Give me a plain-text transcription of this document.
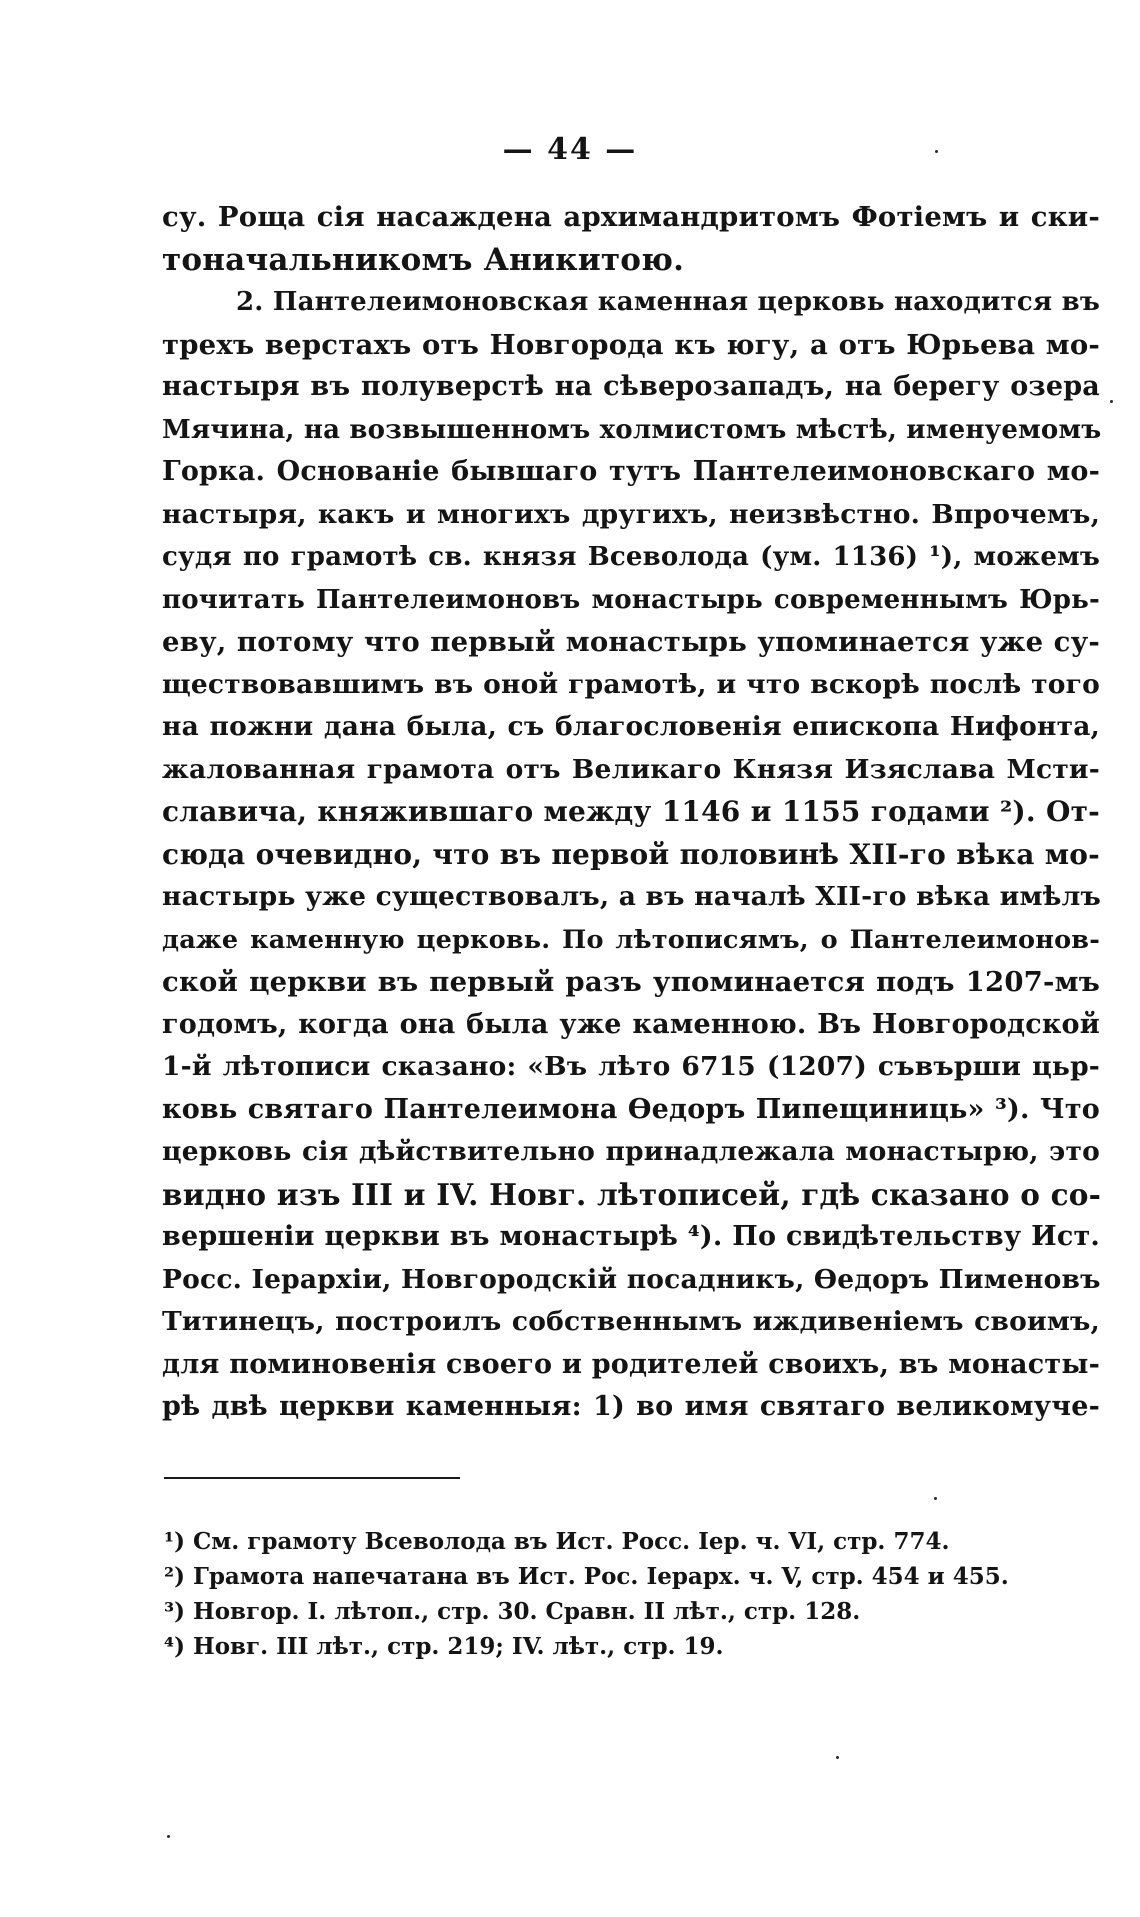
— 44 —
су. Роща сія насаждена архимандритомъ Фотіемъ и ски-
тоначальникомъ Аникитою.
2. Пантелеимоновская каменная церковь находится въ
трехъ верстахъ отъ Новгорода къ югу, а отъ Юрьева мо-
настыря въ полуверстѣ на сѣверозападъ, на берегу озера
Мячина, на возвышенномъ холмистомъ мѣстѣ, именуемомъ
Горка. Основаніе бывшаго тутъ Пантелеимоновскаго мо-
настыря, какъ и многихъ другихъ, неизвѣстно. Впрочемъ,
судя по грамотѣ св. князя Всеволода (ум. 1136) ¹), можемъ
почитать Пантелеимоновъ монастырь современнымъ Юрь-
еву, потому что первый монастырь упоминается уже су-
ществовавшимъ въ оной грамотѣ, и что вскорѣ послѣ того
на пожни дана была, съ благословенія епископа Нифонта,
жалованная грамота отъ Великаго Князя Изяслава Мсти-
славича, княжившаго между 1146 и 1155 годами ²). От-
сюда очевидно, что въ первой половинѣ XII-го вѣка мо-
настырь уже существовалъ, а въ началѣ XII-го вѣка имѣлъ
даже каменную церковь. По лѣтописямъ, о Пантелеимонов-
ской церкви въ первый разъ упоминается подъ 1207-мъ
годомъ, когда она была уже каменною. Въ Новгородской
1-й лѣтописи сказано: «Въ лѣто 6715 (1207) съвърши цьр-
ковь святаго Пантелеимона Ѳедоръ Пипещиниць» ³). Что
церковь сія дѣйствительно принадлежала монастырю, это
видно изъ III и IV. Новг. лѣтописей, гдѣ сказано о со-
вершеніи церкви въ монастырѣ ⁴). По свидѣтельству Ист.
Росс. Іерархіи, Новгородскій посадникъ, Ѳедоръ Пименовъ
Титинецъ, построилъ собственнымъ иждивеніемъ своимъ,
для поминовенія своего и родителей своихъ, въ монасты-
рѣ двѣ церкви каменныя: 1) во имя святаго великомуче-
¹) См. грамоту Всеволода въ Ист. Росс. Іер. ч. VI, стр. 774.
²) Грамота напечатана въ Ист. Рос. Іерарх. ч. V, стр. 454 и 455.
³) Новгор. I. лѣтоп., стр. 30. Сравн. II лѣт., стр. 128.
⁴) Новг. III лѣт., стр. 219; IV. лѣт., стр. 19.
